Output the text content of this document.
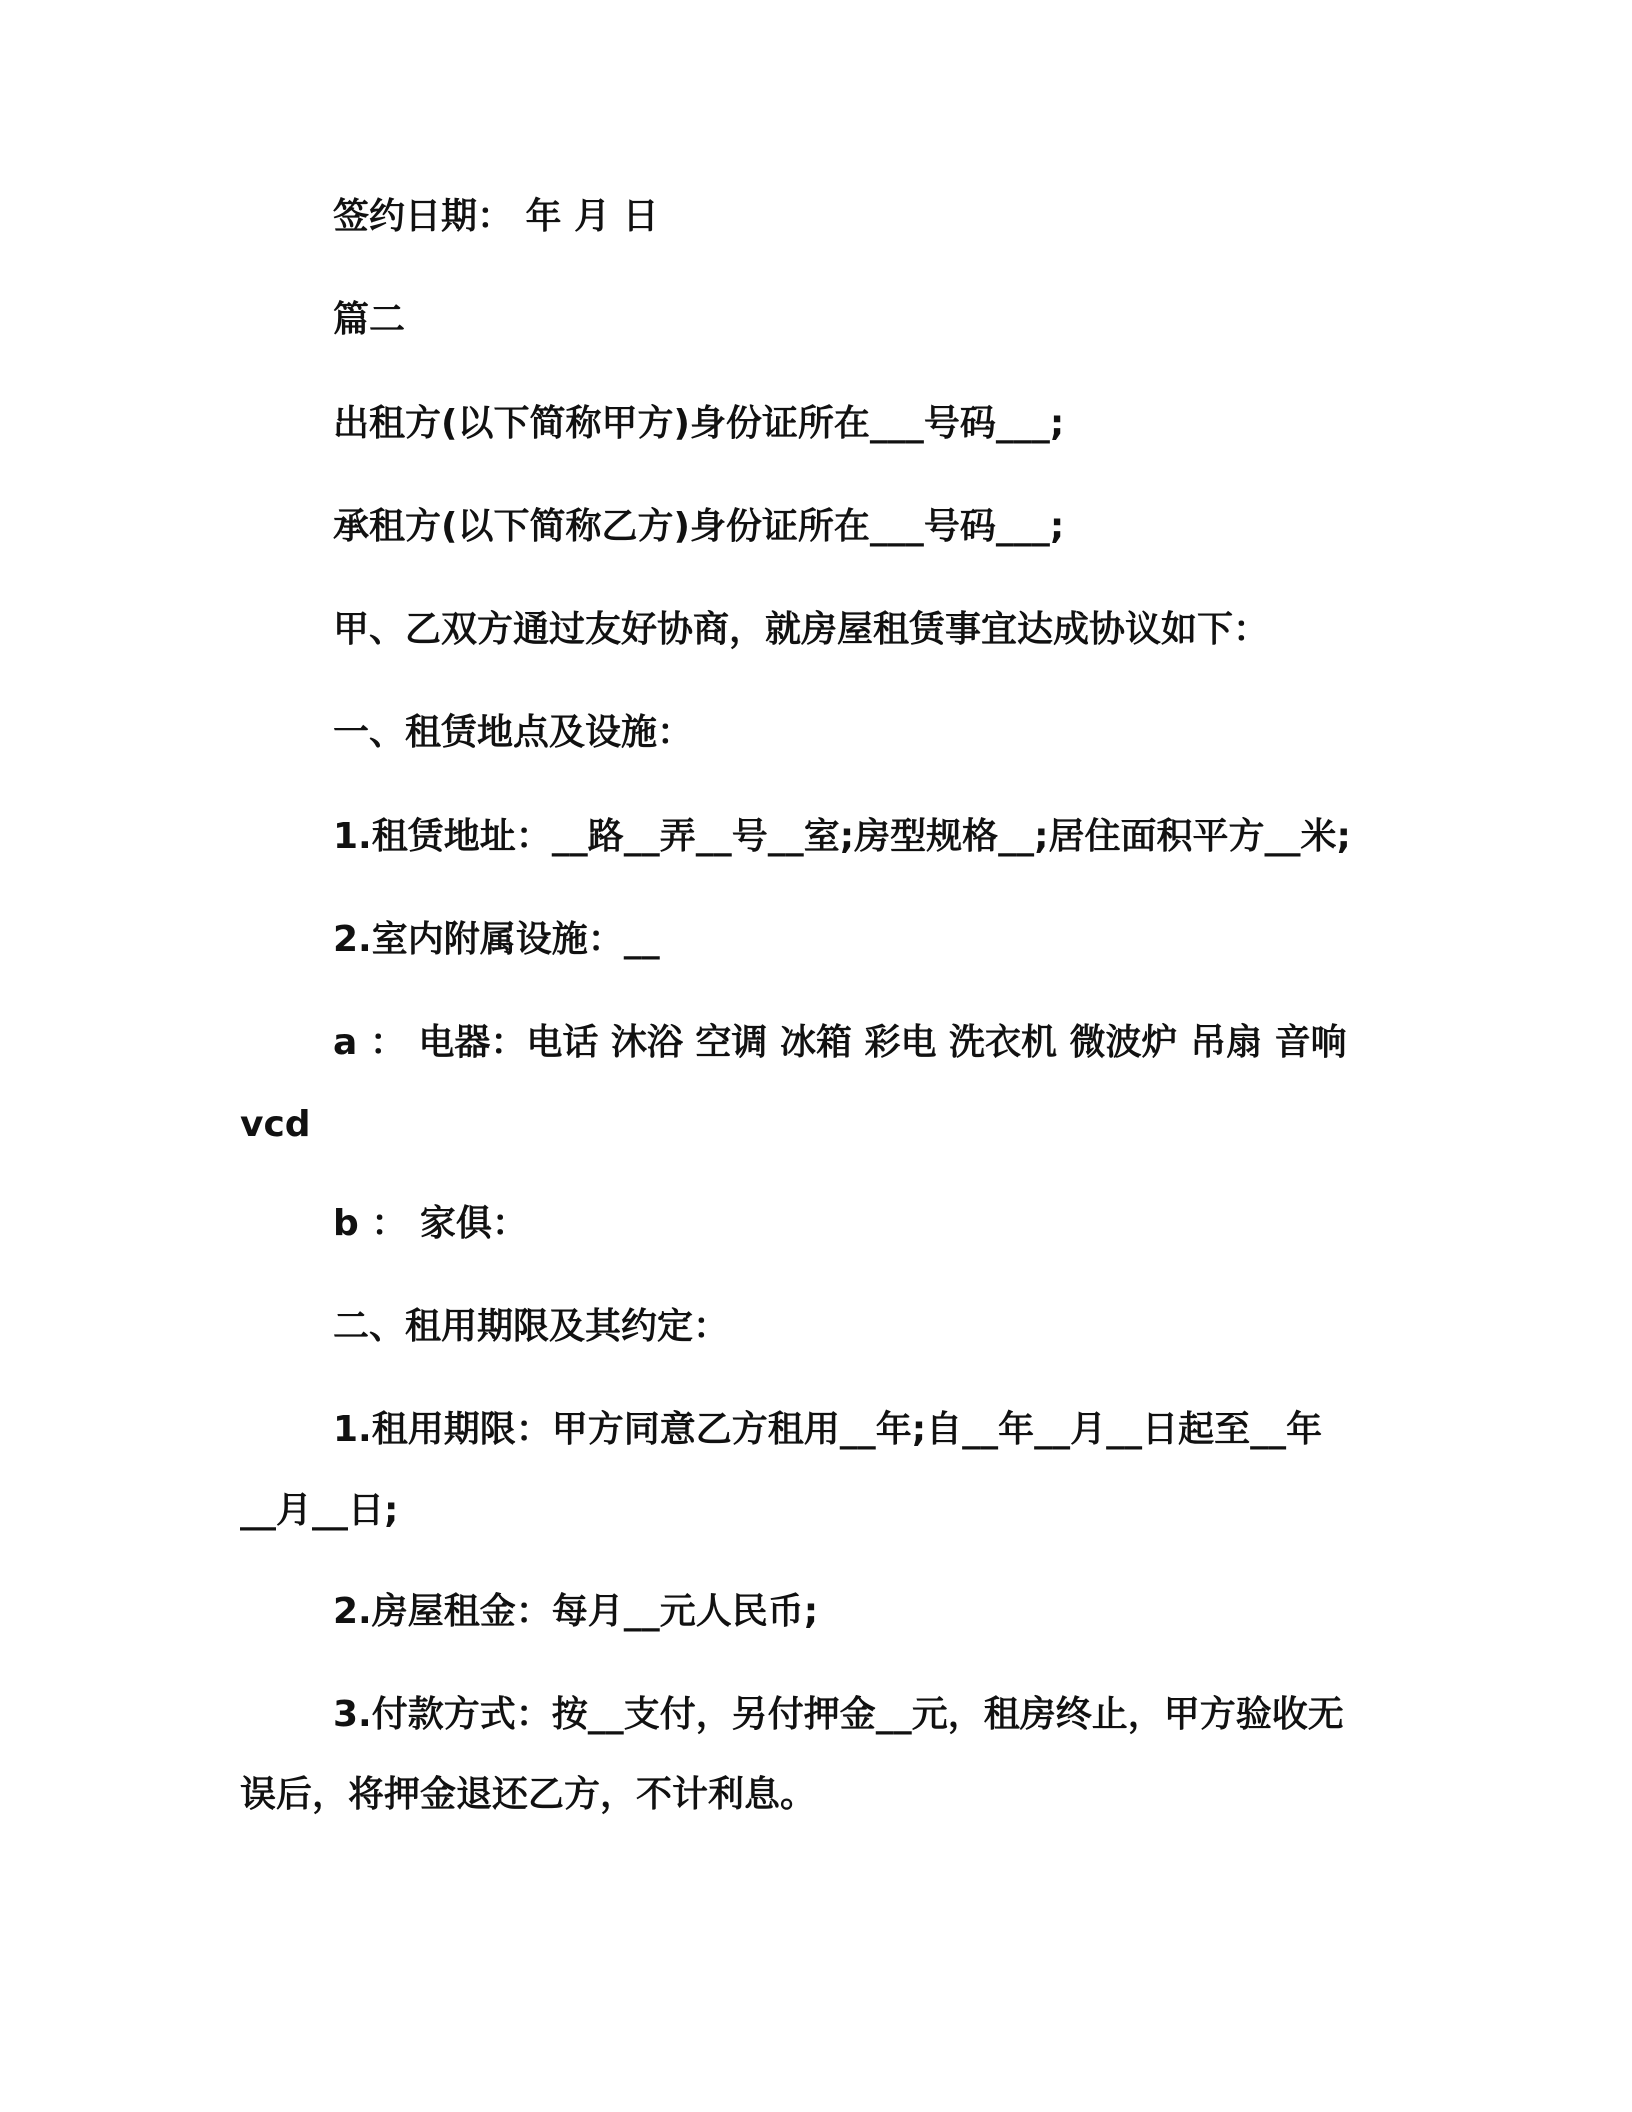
签约日期： 年 月 日
篇二
出租方(以下简称甲方)身份证所在___号码___;
承租方(以下简称乙方)身份证所在___号码___;
甲、乙双方通过友好协商，就房屋租赁事宜达成协议如下：
一、租赁地点及设施：
1.租赁地址：__路__弄__号__室;房型规格__;居住面积平方__米;
2.室内附属设施：__
a ： 电器：电话 沐浴 空调 冰箱 彩电 洗衣机 微波炉 吊扇 音响
vcd
b ： 家俱：
二、租用期限及其约定：
1.租用期限：甲方同意乙方租用__年;自__年__月__日起至__年
__月__日;
2.房屋租金：每月__元人民币;
3.付款方式：按__支付，另付押金__元，租房终止，甲方验收无
误后，将押金退还乙方，不计利息。
